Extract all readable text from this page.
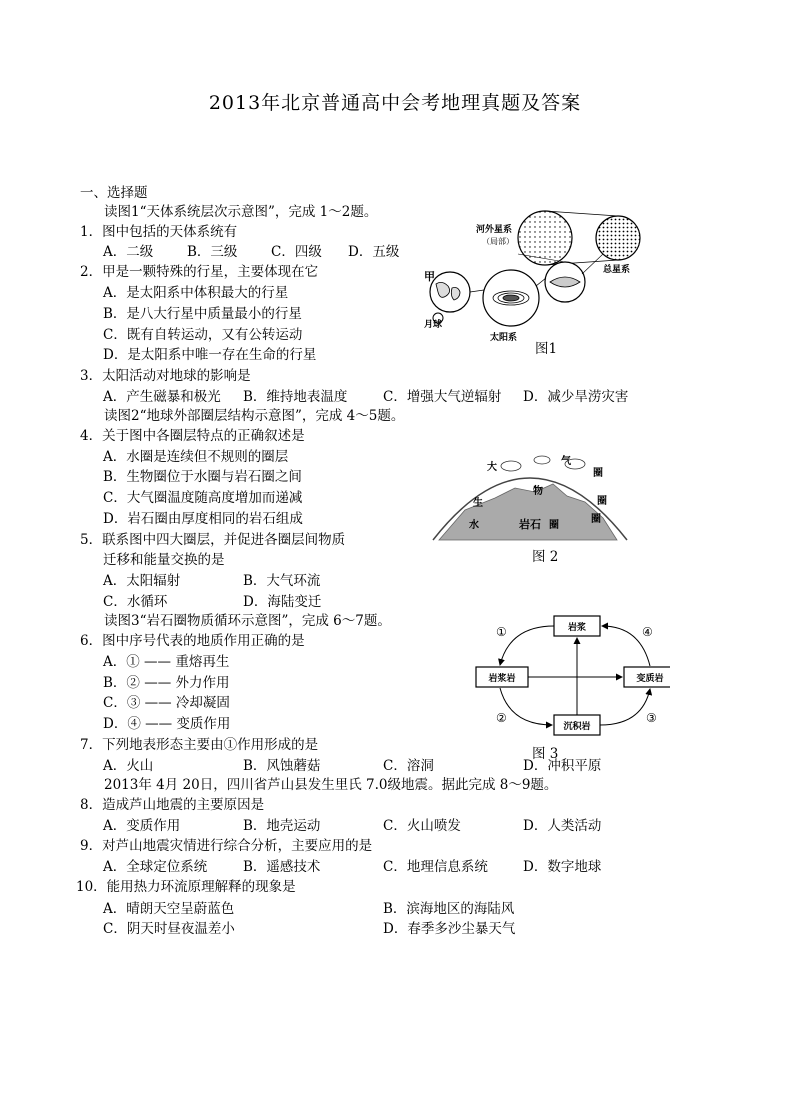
2013年北京普通高中会考地理真题及答案
一、选择题
读图1“天体系统层次示意图”，完成 1～2题。
1．图中包括的天体系统有
A．二级	B．三级 C．四级 D．五级
2．甲是一颗特殊的行星，主要体现在它
A．是太阳系中体积最大的行星
B．是八大行星中质量最小的行星
C．既有自转运动，又有公转运动
D．是太阳系中唯一存在生命的行星
3．太阳活动对地球的影响是
A．产生磁暴和极光 B．维持地表温度	C．增强大气逆辐射 D．减少旱涝灾害
读图2“地球外部圈层结构示意图”，完成 4～5题。
4．关于图中各圈层特点的正确叙述是
A．水圈是连续但不规则的圈层
B．生物圈位于水圈与岩石圈之间
C．大气圈温度随高度增加而递减
D．岩石圈由厚度相同的岩石组成
5．联系图中四大圈层，并促进各圈层间物质
迁移和能量交换的是
A．太阳辐射	B．大气环流
C．水循环	D．海陆变迁
读图3“岩石圈物质循环示意图”，完成 6～7题。
6．图中序号代表的地质作用正确的是
A．① —— 重熔再生
B．② —— 外力作用
C．③ —— 冷却凝固
D．④ —— 变质作用
7．下列地表形态主要由①作用形成的是
A．火山	B．风蚀蘑菇	C．溶洞	D．冲积平原
2013年 4月 20日，四川省芦山县发生里氏 7.0级地震。据此完成 8～9题。
8．造成芦山地震的主要原因是
A．变质作用	B．地壳运动	C．火山喷发	D．人类活动
9．对芦山地震灾情进行综合分析，主要应用的是
A．全球定位系统	B．遥感技术	C．地理信息系统	D．数字地球
10．能用热力环流原理解释的现象是
A．晴朗天空呈蔚蓝色	B．滨海地区的海陆风
C．阴天时昼夜温差小	D．春季多沙尘暴天气
河外星系
（局部）
总星系
甲
月球
太阳系
图1
大
气
圈
生
物
圈
水	岩石 圈
圈
图 2
岩浆
岩浆岩	变质岩
沉积岩
①	④
②	③
图 3
